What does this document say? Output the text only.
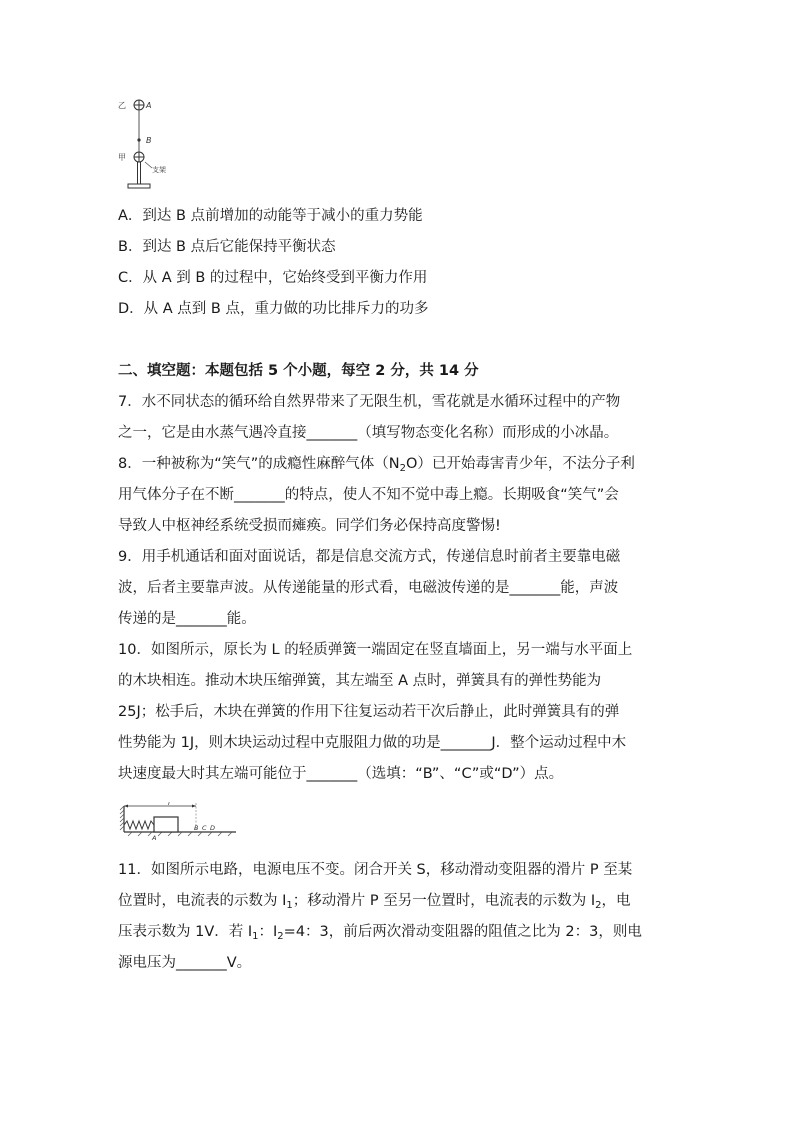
乙	A
B
甲
支架
A．到达 B 点前增加的动能等于减小的重力势能
B．到达 B 点后它能保持平衡状态
C．从 A 到 B 的过程中，它始终受到平衡力作用
D．从 A 点到 B 点，重力做的功比排斥力的功多
二、填空题：本题包括 5 个小题，每空 2 分，共 14 分
7．水不同状态的循环给自然界带来了无限生机，雪花就是水循环过程中的产物
之一，它是由水蒸气遇冷直接_______（填写物态变化名称）而形成的小冰晶。
8．一种被称为“笑气”的成瘾性麻醉气体$(N_2O)$已开始毒害青少年，不法分子利
用气体分子在不断_______的特点，使人不知不觉中毒上瘾。长期吸食“笑气”会
导致人中枢神经系统受损而瘫痪。同学们务必保持高度警惕!
9．用手机通话和面对面说话，都是信息交流方式，传递信息时前者主要靠电磁
波，后者主要靠声波。从传递能量的形式看，电磁波传递的是_______能，声波
传递的是_______能。
10．如图所示，原长为 L 的轻质弹簧一端固定在竖直墙面上，另一端与水平面上
的木块相连。推动木块压缩弹簧，其左端至 A 点时，弹簧具有的弹性势能为
25J；松手后，木块在弹簧的作用下往复运动若干次后静止，此时弹簧具有的弹
性势能为 1J，则木块运动过程中克服阻力做的功是_______J．整个运动过程中木
块速度最大时其左端可能位于_______（选填：“B”、“C”或“D”）点。
l
A
B C D
11．如图所示电路，电源电压不变。闭合开关 S，移动滑动变阻器的滑片 P 至某
位置时，电流表的示数为 $I_1$；移动滑片 P 至另一位置时，电流表的示数为 $I_2$，电
压表示数为 1V．若 $I_1$：$I_2=4$：3，前后两次滑动变阻器的阻值之比为 2：3，则电
源电压为_______V。
